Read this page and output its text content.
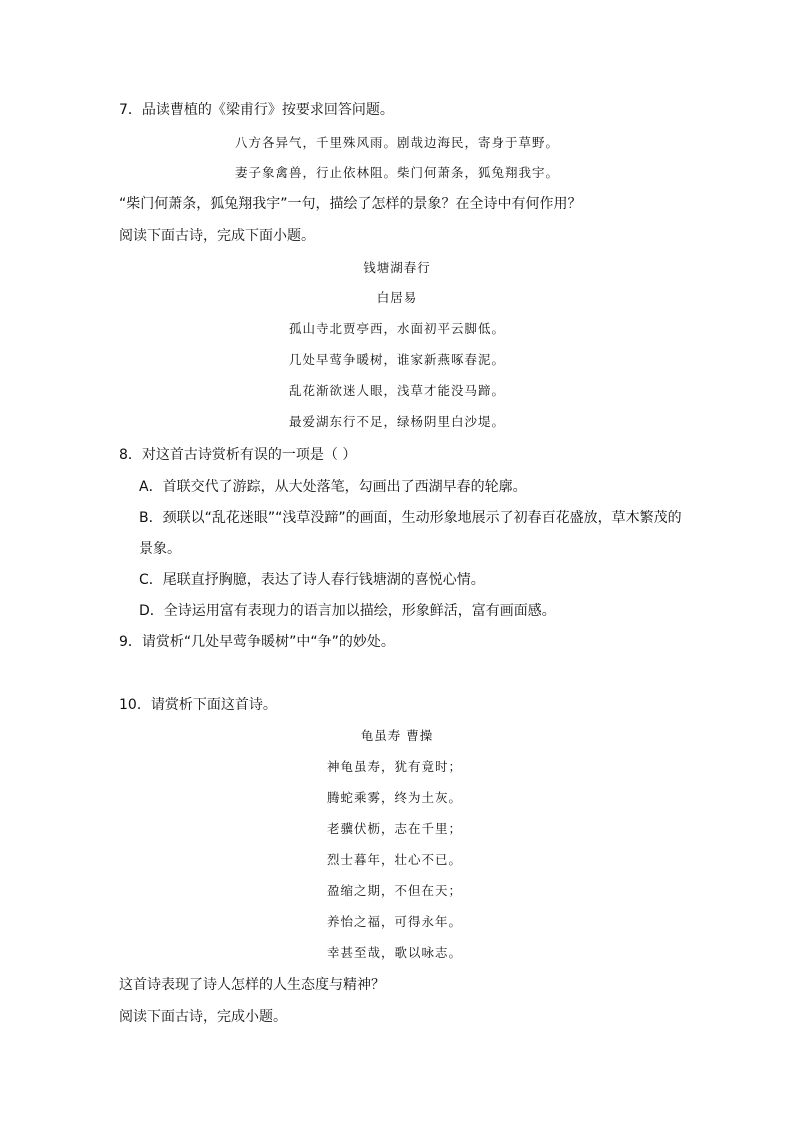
7．品读曹植的《梁甫行》按要求回答问题。
八方各异气，千里殊风雨。剧哉边海民，寄身于草野。
妻子象禽兽，行止依林阻。柴门何萧条，狐兔翔我宇。
“柴门何萧条，狐兔翔我宇”一句，描绘了怎样的景象？在全诗中有何作用？
阅读下面古诗，完成下面小题。
钱塘湖春行
白居易
孤山寺北贾亭西，水面初平云脚低。
几处早莺争暖树，谁家新燕啄春泥。
乱花渐欲迷人眼，浅草才能没马蹄。
最爱湖东行不足，绿杨阴里白沙堤。
8．对这首古诗赏析有误的一项是（ ）
A．首联交代了游踪，从大处落笔，勾画出了西湖早春的轮廓。
B．颈联以“乱花迷眼”“浅草没蹄”的画面，生动形象地展示了初春百花盛放，草木繁茂的
景象。
C．尾联直抒胸臆，表达了诗人春行钱塘湖的喜悦心情。
D．全诗运用富有表现力的语言加以描绘，形象鲜活，富有画面感。
9．请赏析“几处早莺争暖树”中“争”的妙处。
10．请赏析下面这首诗。
龟虽寿 曹操
神龟虽寿，犹有竟时；
腾蛇乘雾，终为土灰。
老骥伏枥，志在千里；
烈士暮年，壮心不已。
盈缩之期，不但在天；
养怡之福，可得永年。
幸甚至哉，歌以咏志。
这首诗表现了诗人怎样的人生态度与精神？
阅读下面古诗，完成小题。
